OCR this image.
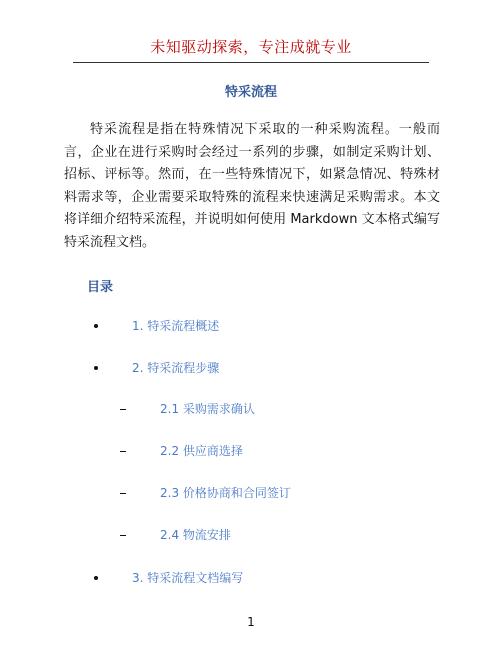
未知驱动探索，专注成就专业
特采流程

特采流程是指在特殊情况下采取的一种采购流程。一般而言，企业在进行采购时会经过一系列的步骤，如制定采购计划、招标、评标等。然而，在一些特殊情况下，如紧急情况、特殊材料需求等，企业需要采取特殊的流程来快速满足采购需求。本文将详细介绍特采流程，并说明如何使用 Markdown 文本格式编写特采流程文档。

目录
1. 特采流程概述
2. 特采流程步骤
2.1 采购需求确认
2.2 供应商选择
2.3 价格协商和合同签订
2.4 物流安排
3. 特采流程文档编写
1
